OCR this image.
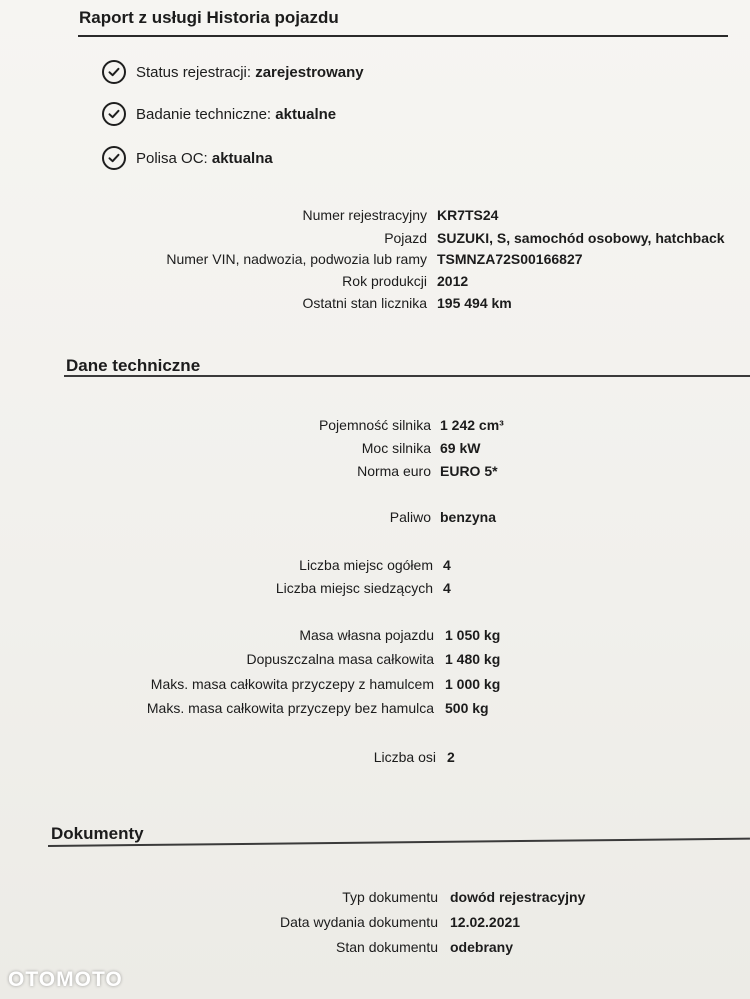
Raport z usługi Historia pojazdu
Status rejestracji:
zarejestrowany
Badanie techniczne:
aktualne
Polisa OC:
aktualna
Numer rejestracyjny KR7TS24
Pojazd SUZUKI, S, samochód osobowy, hatchback
Numer VIN, nadwozia, podwozia lub ramy TSMNZA72S00166827
Rok produkcji 2012
Ostatni stan licznika 195 494 km
Dane techniczne
Pojemność silnika 1 242 cm³
Moc silnika 69 kW
Norma euro EURO 5*
Paliwo benzyna
Liczba miejsc ogółem 4
Liczba miejsc siedzących 4
Masa własna pojazdu 1 050 kg
Dopuszczalna masa całkowita 1 480 kg
Maks. masa całkowita przyczepy z hamulcem 1 000 kg
Maks. masa całkowita przyczepy bez hamulca 500 kg
Liczba osi 2
Dokumenty
Typ dokumentu dowód rejestracyjny
Data wydania dokumentu 12.02.2021
Stan dokumentu odebrany
OTOMOTO
